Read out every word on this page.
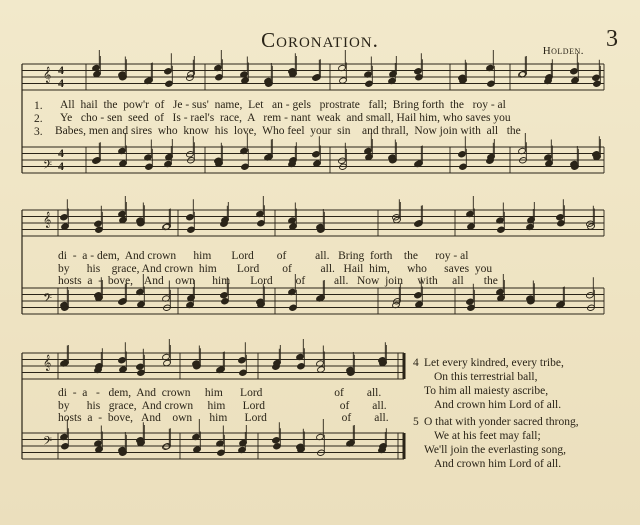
Coronation.	3
Holden.
4
4
4
4
𝄞
𝄢
𝄞
𝄢
𝄞
𝄢
1.
2.
3.
All  hail  the  pow'r  of   Je - sus'  name,  Let   an - gels   prostrate   fall;  Bring forth  the   roy - al
Ye   cho - sen  seed  of   Is - rael's  race,  A   rem - nant  weak  and small, Hail him, who saves you
Babes, men and sires  who  know  his  love,  Who feel  your  sin    and thrall,  Now join with  all   the
di  -  a - dem,  And crown      him       Lord        of          all.   Bring  forth    the      roy - al
by      his    grace, And crown  him       Lord        of          all.   Hail  him,      who      saves  you
hosts  a  -  bove,    And    own      him       Lord        of          all.   Now  join     with     all       the
di  -  a   -   dem,  And  crown     him      Lord                         of        all.
by      his   grace,  And crown     him      Lord                          of        all.
hosts  a  -  bove,   And    own      him      Lord                          of        all.
4 Let every kindred, every tribe,
On this terrestrial ball,
To him all maiesty ascribe,
And crown him Lord of all.
5 O that with yonder sacred throng,
We at his feet may fall;
We'll join the everlasting song,
And crown him Lord of all.
